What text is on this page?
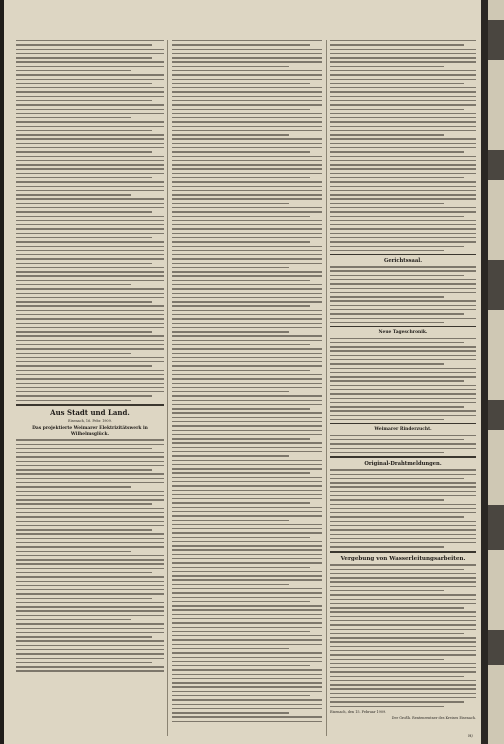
Aus Stadt und Land.
Eisenach, 16. Febr. 1909.
Das projektierte Weimarer Elektrizitätswerk in Wilhelmsglück.
Gerichtssaal.
Neue Tageschronik.
Weimarer Rinderzucht.
Original-Drahtmeldungen.
Vergebung von Wasserleitungsarbeiten.
Eisenach, den 15. Februar 1909.
Der Großh. Rentenrentner des Kreises Eisenach.
H/
